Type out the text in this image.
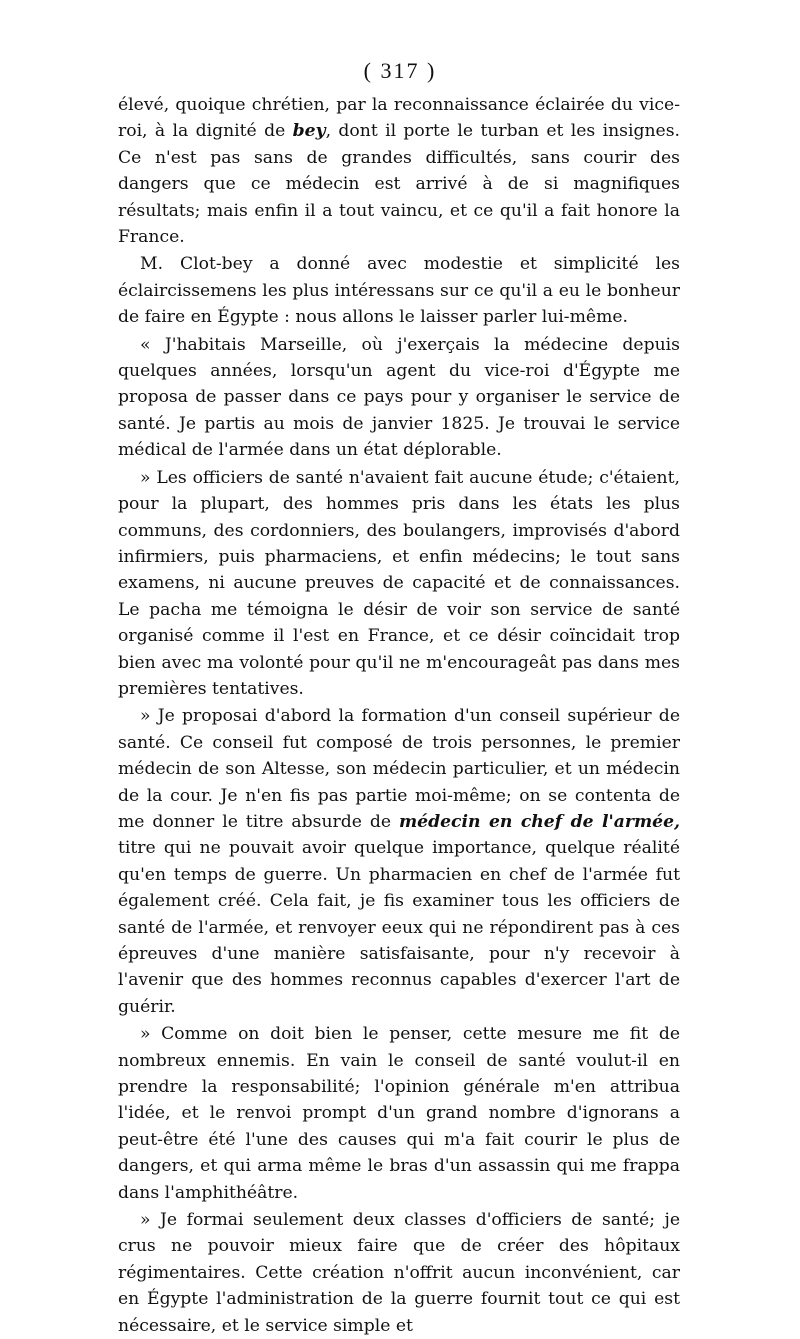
( 317 )

élevé, quoique chrétien, par la reconnaissance éclairée du vice-roi, à la dignité de bey, dont il porte le turban et les insignes. Ce n'est pas sans de grandes difficultés, sans courir des dangers que ce médecin est arrivé à de si magnifiques résultats; mais enfin il a tout vaincu, et ce qu'il a fait honore la France.

M. Clot-bey a donné avec modestie et simplicité les éclaircissemens les plus intéressans sur ce qu'il a eu le bonheur de faire en Égypte : nous allons le laisser parler lui-même.

« J'habitais Marseille, où j'exerçais la médecine depuis quelques années, lorsqu'un agent du vice-roi d'Égypte me proposa de passer dans ce pays pour y organiser le service de santé. Je partis au mois de janvier 1825. Je trouvai le service médical de l'armée dans un état déplorable.

» Les officiers de santé n'avaient fait aucune étude; c'étaient, pour la plupart, des hommes pris dans les états les plus communs, des cordonniers, des boulangers, improvisés d'abord infirmiers, puis pharmaciens, et enfin médecins; le tout sans examens, ni aucune preuves de capacité et de connaissances. Le pacha me témoigna le désir de voir son service de santé organisé comme il l'est en France, et ce désir coïncidait trop bien avec ma volonté pour qu'il ne m'encourageât pas dans mes premières tentatives.

» Je proposai d'abord la formation d'un conseil supérieur de santé. Ce conseil fut composé de trois personnes, le premier médecin de son Altesse, son médecin particulier, et un médecin de la cour. Je n'en fis pas partie moi-même; on se contenta de me donner le titre absurde de médecin en chef de l'armée, titre qui ne pouvait avoir quelque importance, quelque réalité qu'en temps de guerre. Un pharmacien en chef de l'armée fut également créé. Cela fait, je fis examiner tous les officiers de santé de l'armée, et renvoyer eeux qui ne répondirent pas à ces épreuves d'une manière satisfaisante, pour n'y recevoir à l'avenir que des hommes reconnus capables d'exercer l'art de guérir.

» Comme on doit bien le penser, cette mesure me fit de nombreux ennemis. En vain le conseil de santé voulut-il en prendre la responsabilité; l'opinion générale m'en attribua l'idée, et le renvoi prompt d'un grand nombre d'ignorans a peut-être été l'une des causes qui m'a fait courir le plus de dangers, et qui arma même le bras d'un assassin qui me frappa dans l'amphithéâtre.

» Je formai seulement deux classes d'officiers de santé; je crus ne pouvoir mieux faire que de créer des hôpitaux régimentaires. Cette création n'offrit aucun inconvénient, car en Égypte l'administration de la guerre fournit tout ce qui est nécessaire, et le service simple et
